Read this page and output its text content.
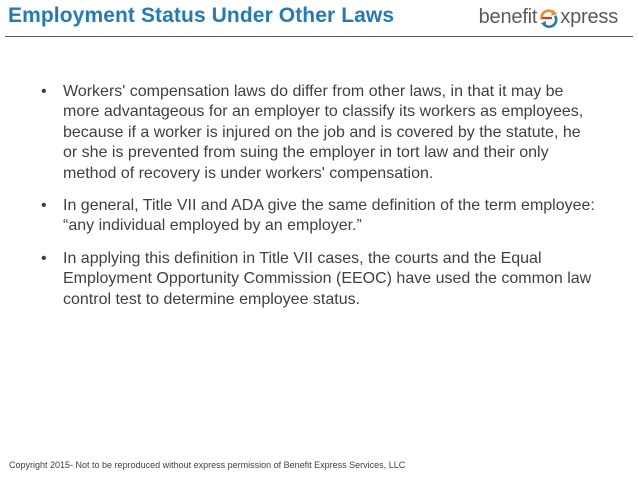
Employment Status Under Other Laws	benefit xpress
•	Workers' compensation laws do differ from other laws, in that it may be more advantageous for an employer to classify its workers as employees, because if a worker is injured on the job and is covered by the statute, he or she is prevented from suing the employer in tort law and their only method of recovery is under workers' compensation.
•	In general, Title VII and ADA give the same definition of the term employee: “any individual employed by an employer.”
•	In applying this definition in Title VII cases, the courts and the Equal Employment Opportunity Commission (EEOC) have used the common law control test to determine employee status.
Copyright 2015- Not to be reproduced without express permission of Benefit Express Services, LLC
